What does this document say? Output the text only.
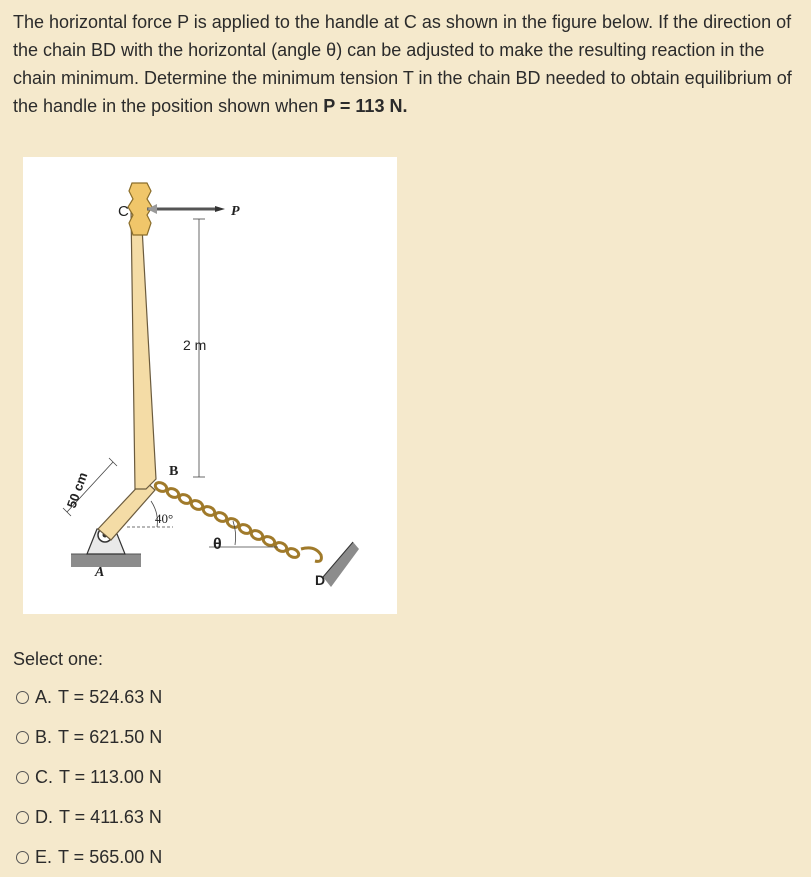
The horizontal force P is applied to the handle at C as shown in the figure below. If the direction of the chain BD with the horizontal (angle θ) can be adjusted to make the resulting reaction in the chain minimum. Determine the minimum tension T in the chain BD needed to obtain equilibrium of the handle in the position shown when P = 113 N.

C	P
2 m
B
40°
50 cm
θ
A	D
Select one:
A. T = 524.63 N
B. T = 621.50 N
C. T = 113.00 N
D. T = 411.63 N
E. T = 565.00 N
